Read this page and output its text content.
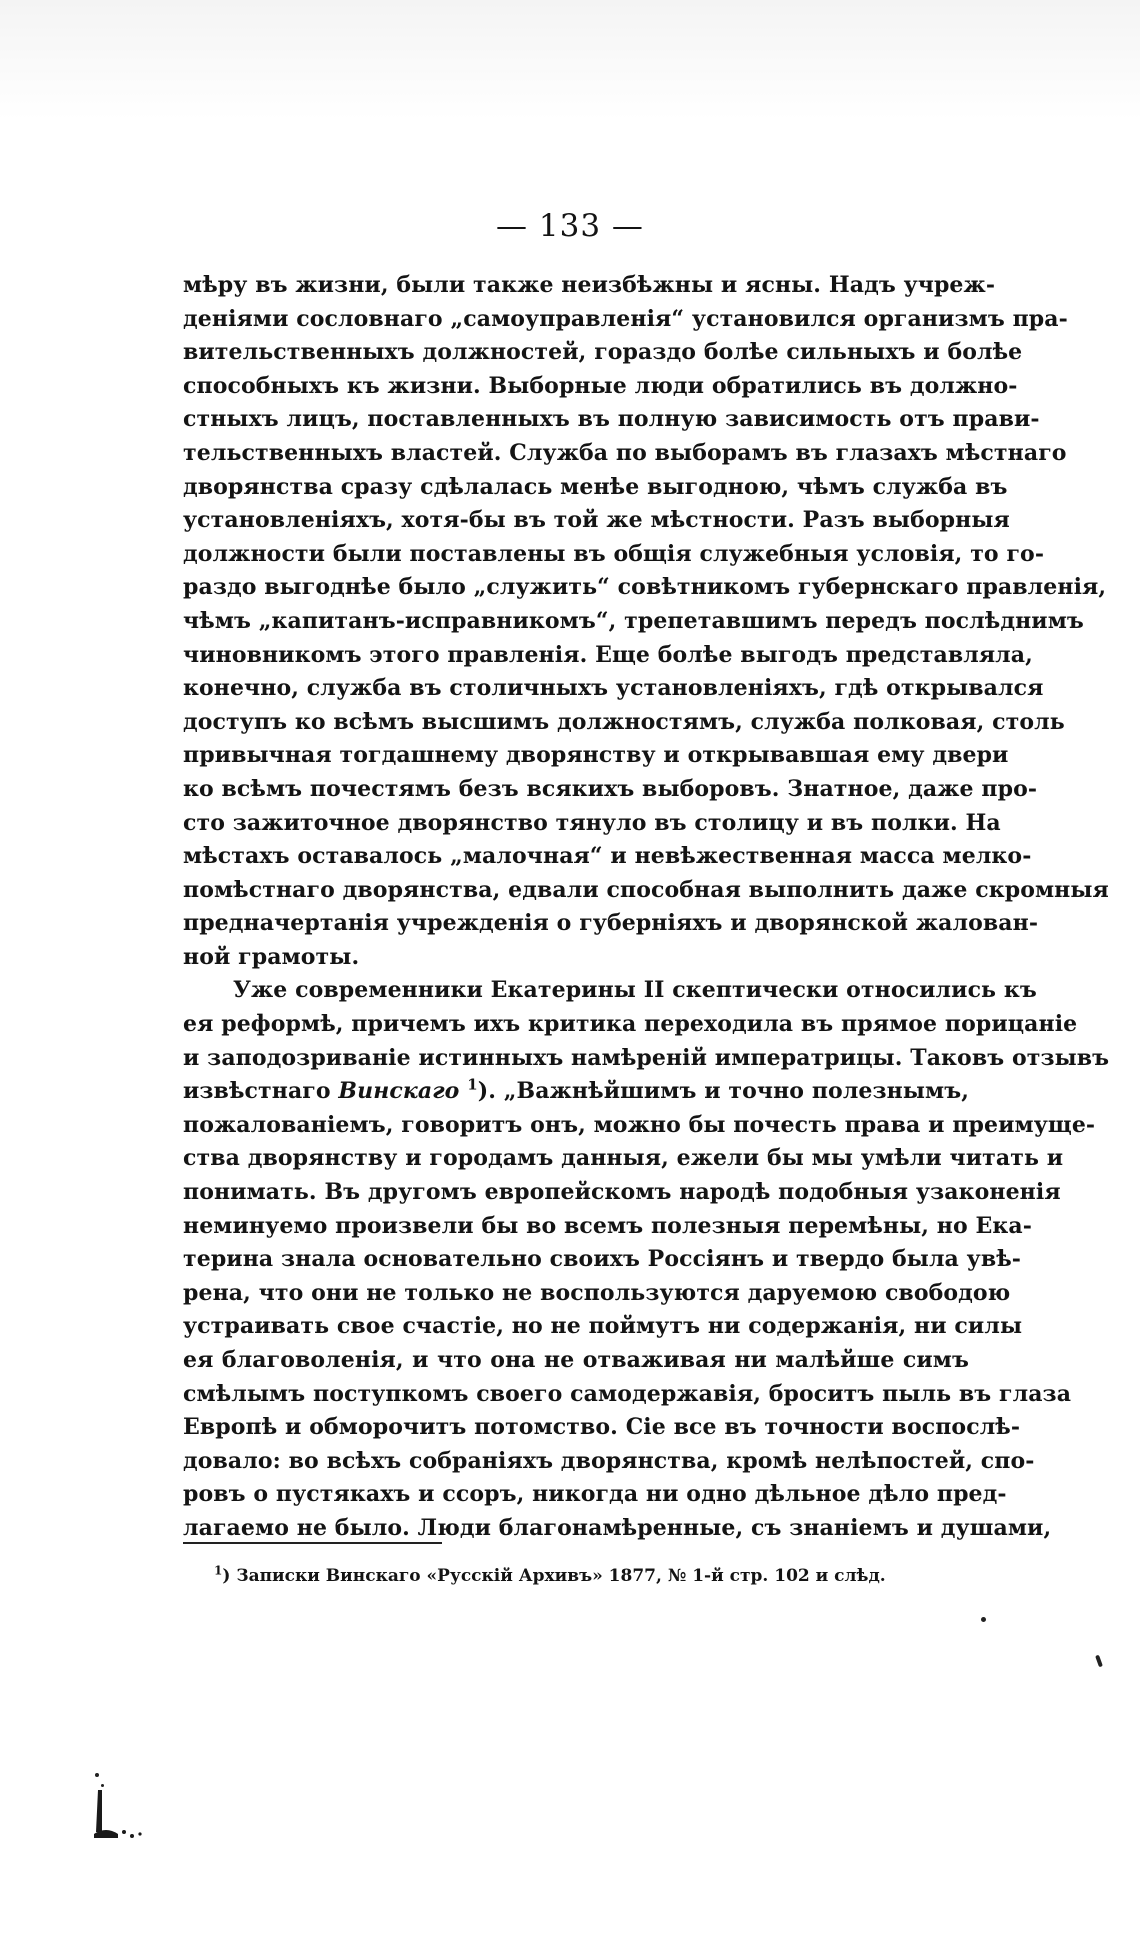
— 133 —
мѣру въ жизни, были также неизбѣжны и ясны. Надъ учреж-
деніями сословнаго „самоуправленія“ установился организмъ пра-
вительственныхъ должностей, гораздо болѣе сильныхъ и болѣе
способныхъ къ жизни. Выборные люди обратились въ должно-
стныхъ лицъ, поставленныхъ въ полную зависимость отъ прави-
тельственныхъ властей. Служба по выборамъ въ глазахъ мѣстнаго
дворянства сразу сдѣлалась менѣе выгодною, чѣмъ служба въ
установленіяхъ, хотя-бы въ той же мѣстности. Разъ выборныя
должности были поставлены въ общія служебныя условія, то го-
раздо выгоднѣе было „служить“ совѣтникомъ губернскаго правленія,
чѣмъ „капитанъ-исправникомъ“, трепетавшимъ передъ послѣднимъ
чиновникомъ этого правленія. Еще болѣе выгодъ представляла,
конечно, служба въ столичныхъ установленіяхъ, гдѣ открывался
доступъ ко всѣмъ высшимъ должностямъ, служба полковая, столь
привычная тогдашнему дворянству и открывавшая ему двери
ко всѣмъ почестямъ безъ всякихъ выборовъ. Знатное, даже про-
сто зажиточное дворянство тянуло въ столицу и въ полки. На
мѣстахъ оставалось „малочная“ и невѣжественная масса мелко-
помѣстнаго дворянства, едвали способная выполнить даже скромныя
предначертанія учрежденія о губерніяхъ и дворянской жалован-
ной грамоты.
Уже современники Екатерины II скептически относились къ
ея реформѣ, причемъ ихъ критика переходила въ прямое порицаніе
и заподозриваніе истинныхъ намѣреній императрицы. Таковъ отзывъ
извѣстнаго Винскаго $^1$). „Важнѣйшимъ и точно полезнымъ,
пожалованіемъ, говоритъ онъ, можно бы почесть права и преимуще-
ства дворянству и городамъ данныя, ежели бы мы умѣли читать и
понимать. Въ другомъ европейскомъ народѣ подобныя узаконенія
неминуемо произвели бы во всемъ полезныя перемѣны, но Ека-
терина знала основательно своихъ Россіянъ и твердо была увѣ-
рена, что они не только не воспользуются даруемою свободою
устраивать свое счастіе, но не поймутъ ни содержанія, ни силы
ея благоволенія, и что она не отваживая ни малѣйше симъ
смѣлымъ поступкомъ своего самодержавія, броситъ пыль въ глаза
Европѣ и обморочитъ потомство. Сіе все въ точности воспослѣ-
довало: во всѣхъ собраніяхъ дворянства, кромѣ нелѣпостей, спо-
ровъ о пустякахъ и ссоръ, никогда ни одно дѣльное дѣло пред-
лагаемо не было. Люди благонамѣренные, съ знаніемъ и душами,
$^1$) Записки Винскаго «Русскій Архивъ» 1877, № 1-й стр. 102 и слѣд.
